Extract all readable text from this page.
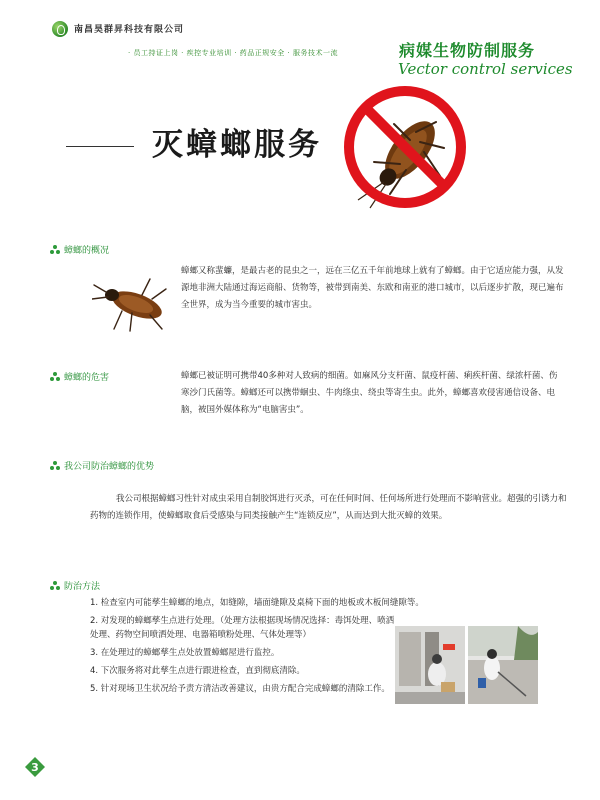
南昌昊群昇科技有限公司
· 员工持证上岗 · 疾控专业培训 · 药品正规安全 · 服务技术一流	病媒生物防制服务
Vector control services
灭蟑螂服务
蟑螂的概况
蟑螂又称蜚蠊，是最古老的昆虫之一，远在三亿五千年前地球上就有了蟑螂。由于它适应能力强，从发源地非洲大陆通过海运商船、货物等，被带到南美、东欧和南亚的港口城市，以后逐步扩散，现已遍布全世界，成为当今重要的城市害虫。
蟑螂的危害	蟑螂已被证明可携带40多种对人致病的细菌。如麻风分支杆菌、鼠疫杆菌、痢疾杆菌、绿浓杆菌、伤寒沙门氏菌等。蟑螂还可以携带蛔虫、牛肉绦虫、绕虫等寄生虫。此外，蟑螂喜欢侵害通信设备、电脑，被国外媒体称为“电脑害虫”。
我公司防治蟑螂的优势
我公司根据蟑螂习性针对成虫采用自制胶饵进行灭杀，可在任何时间、任何场所进行处理而不影响营业。超强的引诱力和药物的连锁作用，使蟑螂取食后受感染与同类接触产生“连锁反应”，从而达到大批灭蟑的效果。
防治方法
1. 检查室内可能孳生蟑螂的地点，如缝隙，墙面缝隙及桌椅下面的地板或木板间缝隙等。
2. 对发现的蟑螂孳生点进行处理。（处理方法根据现场情况选择：毒饵处理、喷洒处理、药物空间喷洒处理、电器箱喷粉处理、气体处理等）
3. 在处理过的蟑螂孳生点处放置蟑螂屋进行监控。
4. 下次服务将对此孳生点进行跟进检查，直到彻底清除。
5. 针对现场卫生状况给予责方清洁改善建议，由贵方配合完成蟑螂的清除工作。
3
